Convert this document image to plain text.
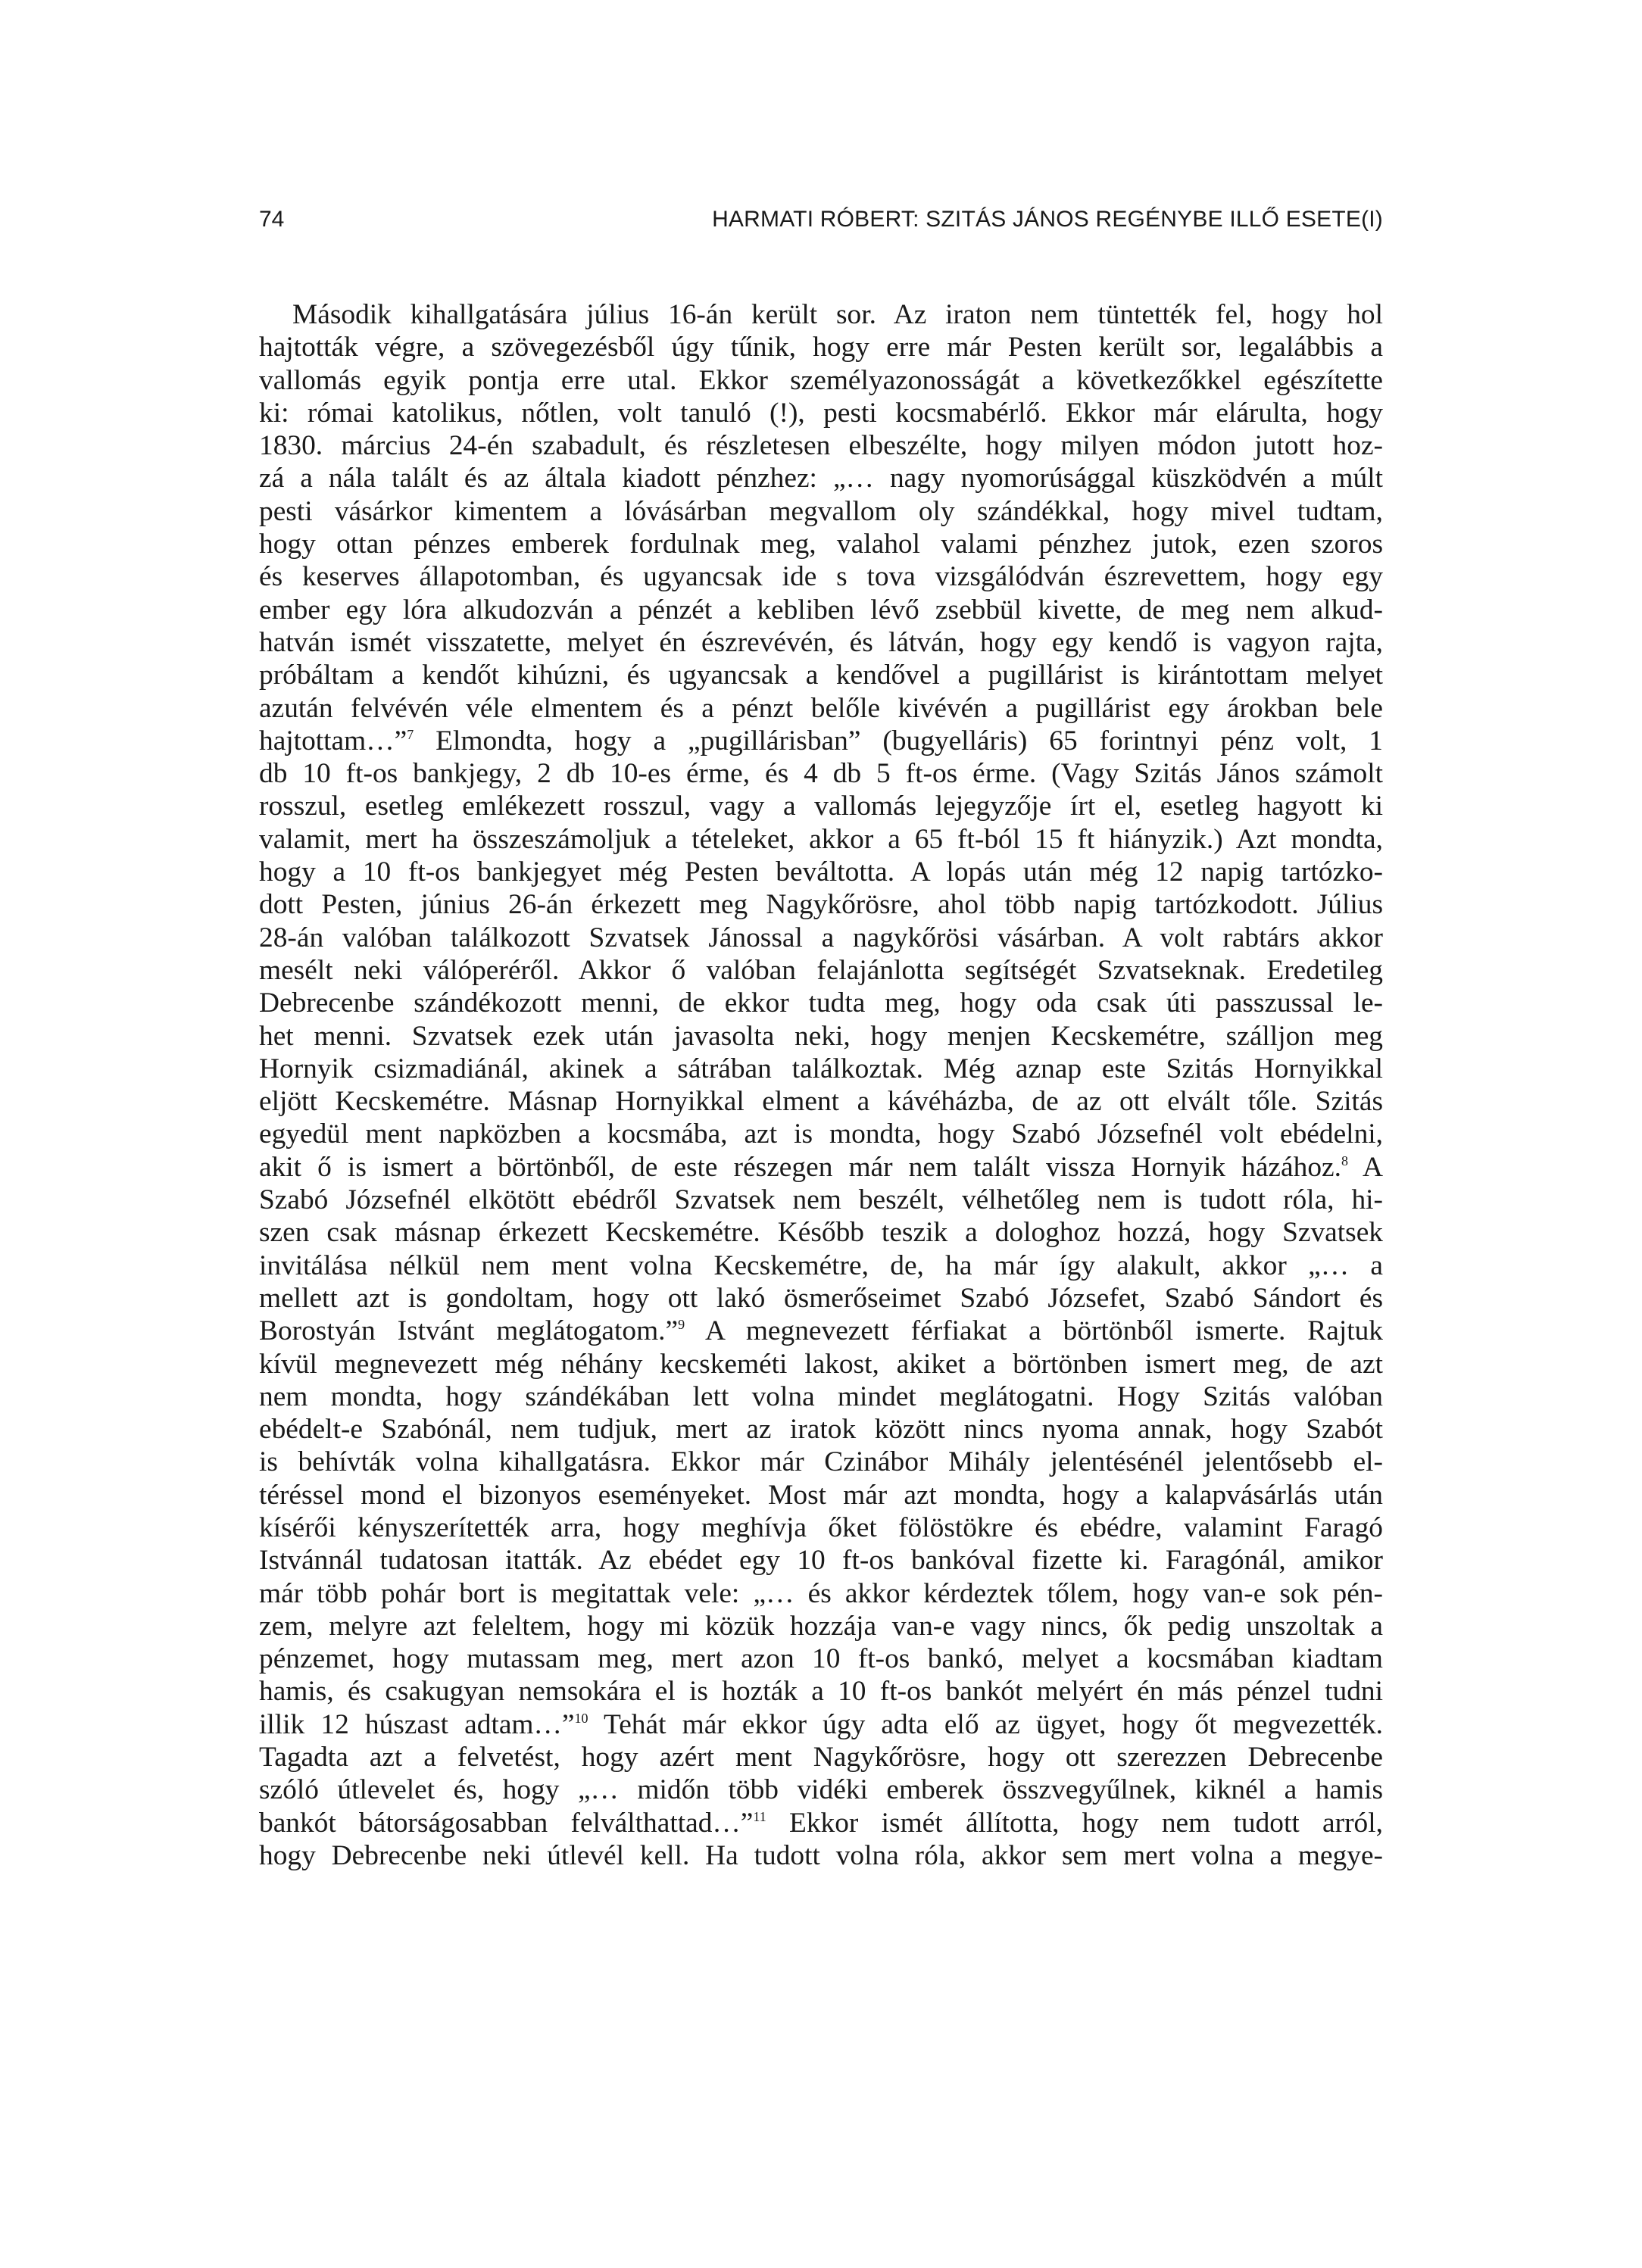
74	HARMATI RÓBERT: SZITÁS JÁNOS REGÉNYBE ILLŐ ESETE(I)
Második kihallgatására július 16-án került sor. Az iraton nem tüntették fel, hogy hol
hajtották végre, a szövegezésből úgy tűnik, hogy erre már Pesten került sor, legalábbis a
vallomás egyik pontja erre utal. Ekkor személyazonosságát a következőkkel egészítette
ki: római katolikus, nőtlen, volt tanuló (!), pesti kocsmabérlő. Ekkor már elárulta, hogy
1830. március 24-én szabadult, és részletesen elbeszélte, hogy milyen módon jutott hoz-
zá a nála talált és az általa kiadott pénzhez: „… nagy nyomorúsággal küszködvén a múlt
pesti vásárkor kimentem a lóvásárban megvallom oly szándékkal, hogy mivel tudtam,
hogy ottan pénzes emberek fordulnak meg, valahol valami pénzhez jutok, ezen szoros
és keserves állapotomban, és ugyancsak ide s tova vizsgálódván észrevettem, hogy egy
ember egy lóra alkudozván a pénzét a kebliben lévő zsebbül kivette, de meg nem alkud-
hatván ismét visszatette, melyet én észrevévén, és látván, hogy egy kendő is vagyon rajta,
próbáltam a kendőt kihúzni, és ugyancsak a kendővel a pugillárist is kirántottam melyet
azután felvévén véle elmentem és a pénzt belőle kivévén a pugillárist egy árokban bele
hajtottam…”$^7$ Elmondta, hogy a „pugillárisban” (bugyelláris) 65 forintnyi pénz volt, 1
db 10 ft-os bankjegy, 2 db 10-es érme, és 4 db 5 ft-os érme. (Vagy Szitás János számolt
rosszul, esetleg emlékezett rosszul, vagy a vallomás lejegyzője írt el, esetleg hagyott ki
valamit, mert ha összeszámoljuk a tételeket, akkor a 65 ft-ból 15 ft hiányzik.) Azt mondta,
hogy a 10 ft-os bankjegyet még Pesten beváltotta. A lopás után még 12 napig tartózko-
dott Pesten, június 26-án érkezett meg Nagykőrösre, ahol több napig tartózkodott. Július
28-án valóban találkozott Szvatsek Jánossal a nagykőrösi vásárban. A volt rabtárs akkor
mesélt neki válóperéről. Akkor ő valóban felajánlotta segítségét Szvatseknak. Eredetileg
Debrecenbe szándékozott menni, de ekkor tudta meg, hogy oda csak úti passzussal le-
het menni. Szvatsek ezek után javasolta neki, hogy menjen Kecskemétre, szálljon meg
Hornyik csizmadiánál, akinek a sátrában találkoztak. Még aznap este Szitás Hornyikkal
eljött Kecskemétre. Másnap Hornyikkal elment a kávéházba, de az ott elvált tőle. Szitás
egyedül ment napközben a kocsmába, azt is mondta, hogy Szabó Józsefnél volt ebédelni,
akit ő is ismert a börtönből, de este részegen már nem talált vissza Hornyik házához.$^8$ A
Szabó Józsefnél elkötött ebédről Szvatsek nem beszélt, vélhetőleg nem is tudott róla, hi-
szen csak másnap érkezett Kecskemétre. Később teszik a dologhoz hozzá, hogy Szvatsek
invitálása nélkül nem ment volna Kecskemétre, de, ha már így alakult, akkor „… a
mellett azt is gondoltam, hogy ott lakó ösmerőseimet Szabó Józsefet, Szabó Sándort és
Borostyán Istvánt meglátogatom.”$^9$ A megnevezett férfiakat a börtönből ismerte. Rajtuk
kívül megnevezett még néhány kecskeméti lakost, akiket a börtönben ismert meg, de azt
nem mondta, hogy szándékában lett volna mindet meglátogatni. Hogy Szitás valóban
ebédelt-e Szabónál, nem tudjuk, mert az iratok között nincs nyoma annak, hogy Szabót
is behívták volna kihallgatásra. Ekkor már Czinábor Mihály jelentésénél jelentősebb el-
téréssel mond el bizonyos eseményeket. Most már azt mondta, hogy a kalapvásárlás után
kísérői kényszerítették arra, hogy meghívja őket fölöstökre és ebédre, valamint Faragó
Istvánnál tudatosan itatták. Az ebédet egy 10 ft-os bankóval fizette ki. Faragónál, amikor
már több pohár bort is megitattak vele: „… és akkor kérdeztek tőlem, hogy van-e sok pén-
zem, melyre azt feleltem, hogy mi közük hozzája van-e vagy nincs, ők pedig unszoltak a
pénzemet, hogy mutassam meg, mert azon 10 ft-os bankó, melyet a kocsmában kiadtam
hamis, és csakugyan nemsokára el is hozták a 10 ft-os bankót melyért én más pénzel tudni
illik 12 húszast adtam…”$^{10}$ Tehát már ekkor úgy adta elő az ügyet, hogy őt megvezették.
Tagadta azt a felvetést, hogy azért ment Nagykőrösre, hogy ott szerezzen Debrecenbe
szóló útlevelet és, hogy „… midőn több vidéki emberek összvegyűlnek, kiknél a hamis
bankót bátorságosabban felválthattad…”$^{11}$ Ekkor ismét állította, hogy nem tudott arról,
hogy Debrecenbe neki útlevél kell. Ha tudott volna róla, akkor sem mert volna a megye-
